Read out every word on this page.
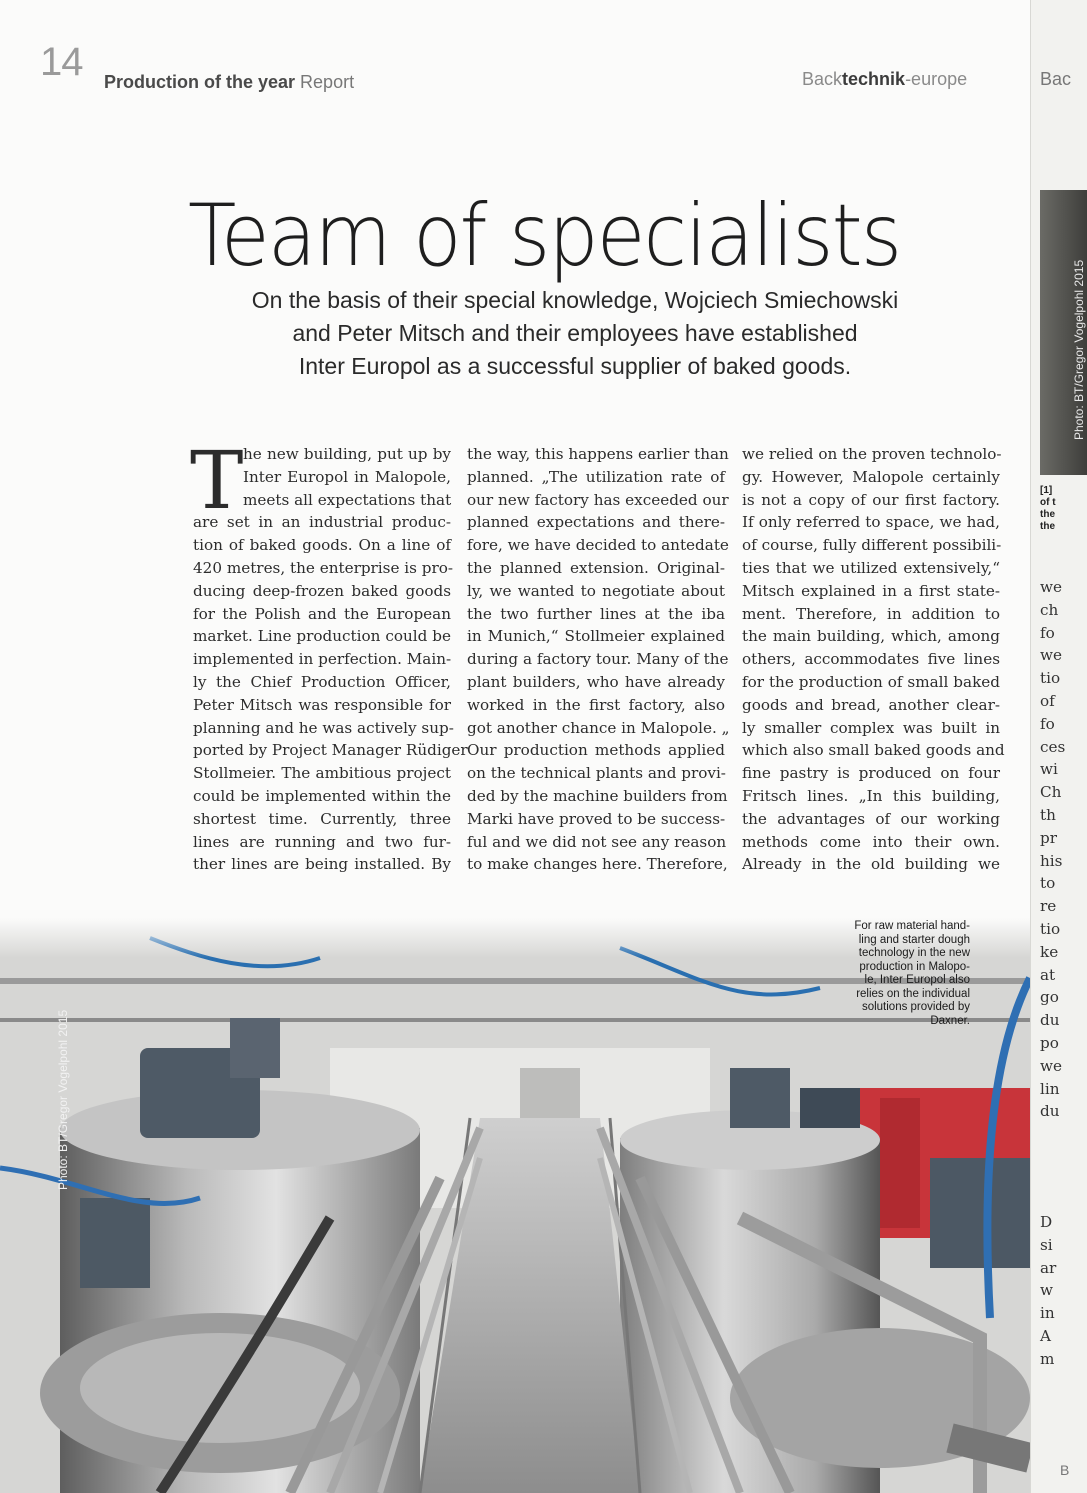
14 Production of the year Report	Backtechnik-europe
Team of specialists
On the basis of their special knowledge, Wojciech Smiechowski
and Peter Mitsch and their employees have established
Inter Europol as a successful supplier of baked goods.
T he new building, put up by
Inter Europol in Malopole,
meets all expectations that
are set in an industrial produc-
tion of baked goods. On a line of
420 metres, the enterprise is pro-
ducing deep-frozen baked goods
for the Polish and the European
market. Line production could be
implemented in perfection. Main-
ly the Chief Production Officer,
Peter Mitsch was responsible for
planning and he was actively sup-
ported by Project Manager Rüdiger
Stollmeier. The ambitious project
could be implemented within the
shortest time. Currently, three
lines are running and two fur-
ther lines are being installed. By
the way, this happens earlier than
planned. „The utilization rate of
our new factory has exceeded our
planned expectations and there-
fore, we have decided to antedate
the planned extension. Original-
ly, we wanted to negotiate about
the two further lines at the iba
in Munich,“ Stollmeier explained
during a factory tour. Many of the
plant builders, who have already
worked in the first factory, also
got another chance in Malopole. „
Our production methods applied
on the technical plants and provi-
ded by the machine builders from
Marki have proved to be success-
ful and we did not see any reason
to make changes here. Therefore,
we relied on the proven technolo-
gy. However, Malopole certainly
is not a copy of our first factory.
If only referred to space, we had,
of course, fully different possibili-
ties that we utilized extensively,“
Mitsch explained in a first state-
ment. Therefore, in addition to
the main building, which, among
others, accommodates five lines
for the production of small baked
goods and bread, another clear-
ly smaller complex was built in
which also small baked goods and
fine pastry is produced on four
Fritsch lines. „In this building,
the advantages of our working
methods come into their own.
Already in the old building we
For raw material hand-
ling and starter dough
technology in the new
production in Malopo-
le, Inter Europol also
relies on the individual
solutions provided by
Daxner.
Photo: BT/Gregor Vogelpohl 2015
Bac
Photo: BT/Gregor Vogelpohl 2015
[1]
of t
the
the
we
ch
fo
we
tio
of
fo
ces
wi
Ch
th
pr
his
to
re
tio
ke
at
go
du
po
we
lin
du
D
si
ar
w
in
A
m
B
